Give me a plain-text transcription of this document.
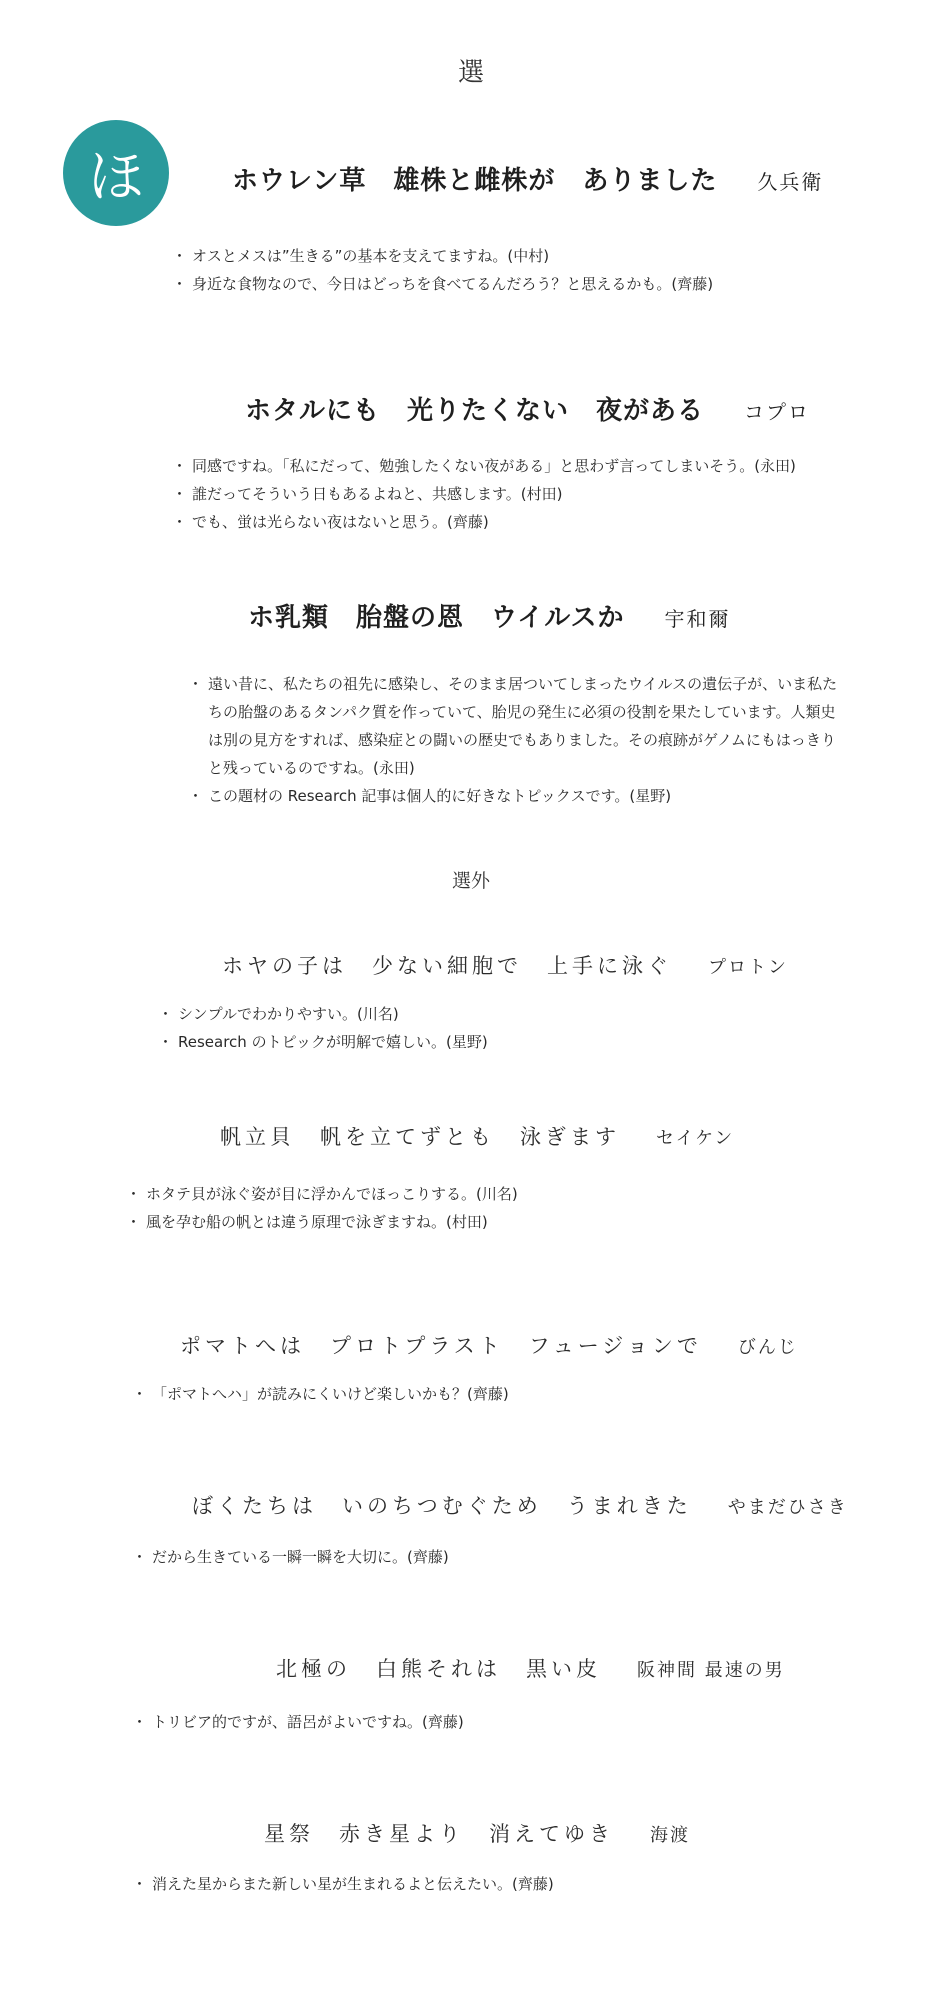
選
ほ	ホウレン草　雄株と雌株が　ありました 久兵衛
・ オスとメスは”生きる”の基本を支えてますね。(中村)
・ 身近な食物なので、今日はどっちを食べてるんだろう？と思えるかも。(齊藤)
ホタルにも　光りたくない　夜がある コプロ
・ 同感ですね。「私にだって、勉強したくない夜がある」と思わず言ってしまいそう。(永田)
・ 誰だってそういう日もあるよねと、共感します。(村田)
・ でも、蛍は光らない夜はないと思う。(齊藤)
ホ乳類　胎盤の恩　ウイルスか 宇和爾
・ 遠い昔に、私たちの祖先に感染し、そのまま居ついてしまったウイルスの遺伝子が、いま私たちの胎盤のあるタンパク質を作っていて、胎児の発生に必須の役割を果たしています。人類史は別の見方をすれば、感染症との闘いの歴史でもありました。その痕跡がゲノムにもはっきりと残っているのですね。(永田)
・ この題材の Research 記事は個人的に好きなトピックスです。(星野)
選外
ホヤの子は　少ない細胞で　上手に泳ぐ プロトン
・ シンプルでわかりやすい。(川名)
・ Research のトピックが明解で嬉しい。(星野)
帆立貝　帆を立てずとも　泳ぎます セイケン
・ ホタテ貝が泳ぐ姿が目に浮かんでほっこりする。(川名)
・ 風を孕む船の帆とは違う原理で泳ぎますね。(村田)
ポマトへは　プロトプラスト　フュージョンで びんじ
・ 「ポマトへハ」が読みにくいけど楽しいかも？(齊藤)
ぼくたちは　いのちつむぐため　うまれきた やまだひさき
・ だから生きている一瞬一瞬を大切に。(齊藤)
北極の　白熊それは　黒い皮 阪神間 最速の男
・ トリビア的ですが、語呂がよいですね。(齊藤)
星祭　赤き星より　消えてゆき 海渡
・ 消えた星からまた新しい星が生まれるよと伝えたい。(齊藤)
